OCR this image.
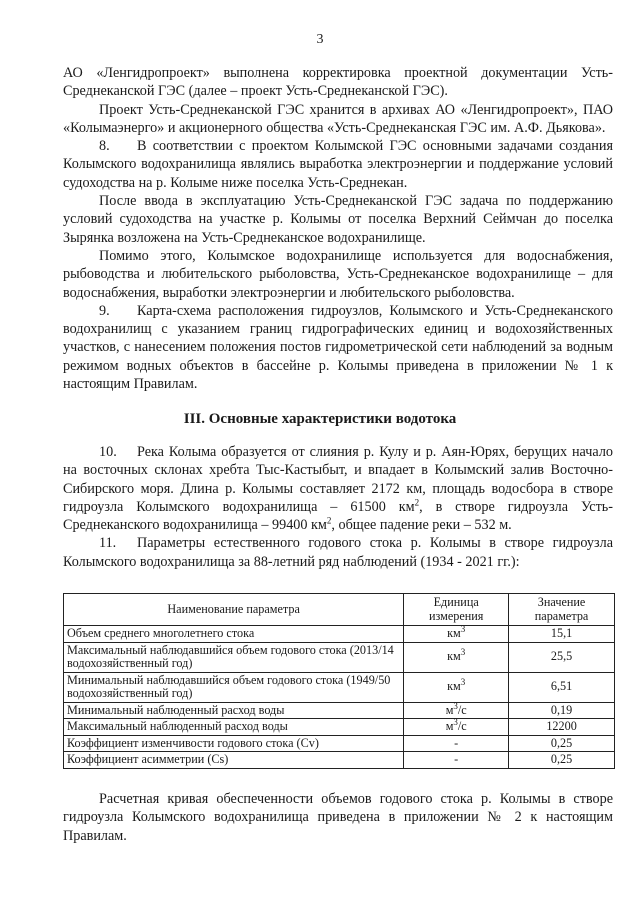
3

АО «Ленгидропроект» выполнена корректировка проектной документации Усть-Среднеканской ГЭС (далее – проект Усть-Среднеканской ГЭС).

Проект Усть-Среднеканской ГЭС хранится в архивах АО «Ленгидропроект», ПАО «Колымаэнерго» и акционерного общества «Усть-Среднеканская ГЭС им. А.Ф. Дьякова».

8. В соответствии с проектом Колымской ГЭС основными задачами создания Колымского водохранилища являлись выработка электроэнергии и поддержание условий судоходства на р. Колыме ниже поселка Усть-Среднекан.

После ввода в эксплуатацию Усть-Среднеканской ГЭС задача по поддержанию условий судоходства на участке р. Колымы от поселка Верхний Сеймчан до поселка Зырянка возложена на Усть-Среднеканское водохранилище.

Помимо этого, Колымское водохранилище используется для водоснабжения, рыбоводства и любительского рыболовства, Усть-Среднеканское водохранилище – для водоснабжения, выработки электроэнергии и любительского рыболовства.

9. Карта-схема расположения гидроузлов, Колымского и Усть-Среднеканского водохранилищ с указанием границ гидрографических единиц и водохозяйственных участков, с нанесением положения постов гидрометрической сети наблюдений за водным режимом водных объектов в бассейне р. Колымы приведена в приложении № 1 к настоящим Правилам.

III. Основные характеристики водотока

10. Река Колыма образуется от слияния р. Кулу и р. Аян-Юрях, берущих начало на восточных склонах хребта Тыс-Кастыбыт, и впадает в Колымский залив Восточно-Сибирского моря. Длина р. Колымы составляет 2172 км, площадь водосбора в створе гидроузла Колымского водохранилища – 61500 $км^2$, в створе гидроузла Усть-Среднеканского водохранилища – 99400 $км^2$, общее падение реки – 532 м.

11. Параметры естественного годового стока р. Колымы в створе гидроузла Колымского водохранилища за 88-летний ряд наблюдений (1934 - 2021 гг.):

Наименование параметра	Единица измерения	Значение параметра
Объем среднего многолетнего стока	$км^3$	15,1
Максимальный наблюдавшийся объем годового стока (2013/14 водохозяйственный год)	$км^3$	25,5
Минимальный наблюдавшийся объем годового стока (1949/50 водохозяйственный год)	$км^3$	6,51
Минимальный наблюденный расход воды	$м^3/с$	0,19
Максимальный наблюденный расход воды	$м^3/с$	12200
Коэффициент изменчивости годового стока (Cv)	-	0,25
Коэффициент асимметрии (Cs)	-	0,25

Расчетная кривая обеспеченности объемов годового стока р. Колымы в створе гидроузла Колымского водохранилища приведена в приложении № 2 к настоящим Правилам.
